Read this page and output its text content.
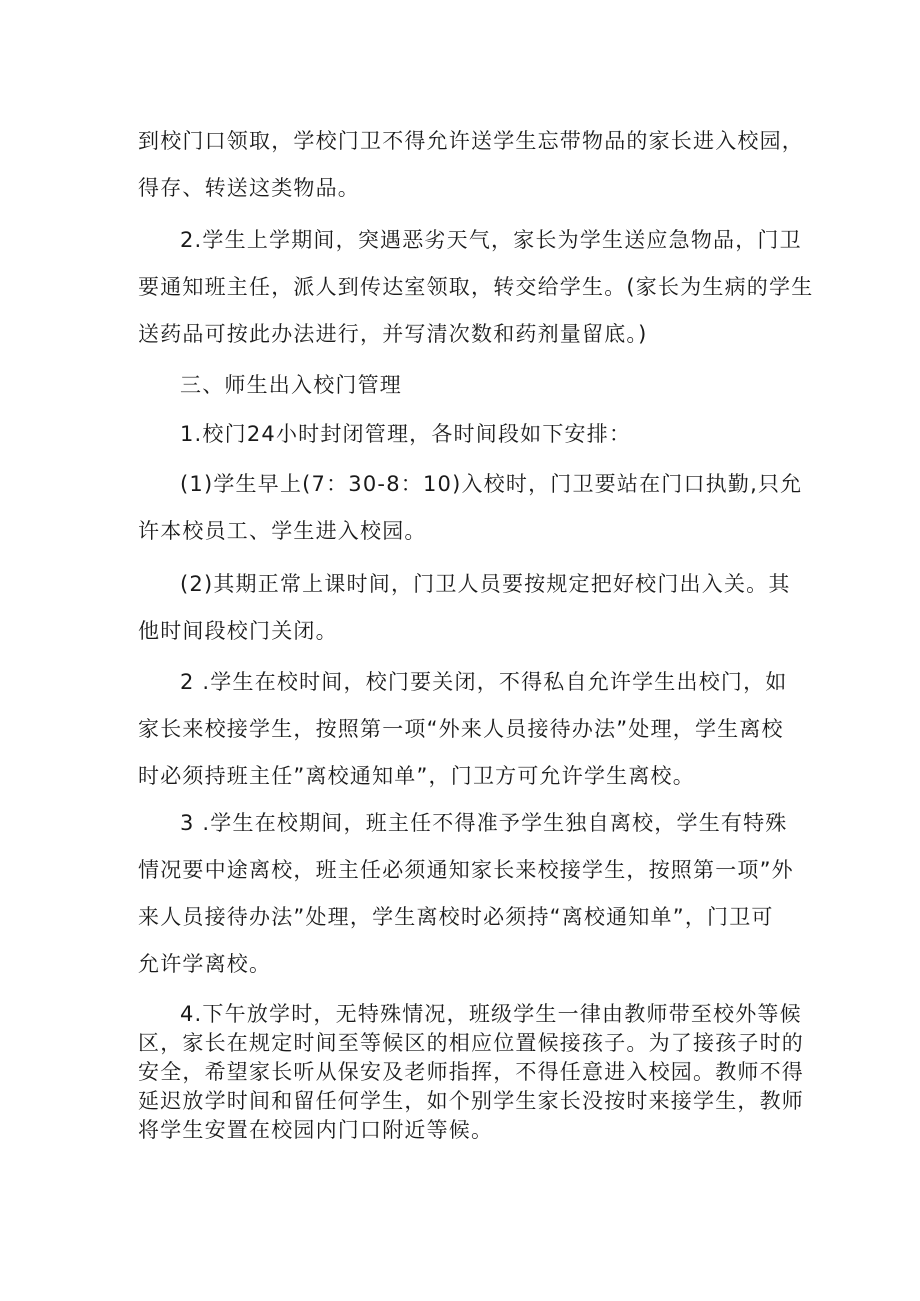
到校门口领取，学校门卫不得允许送学生忘带物品的家长进入校园，
得存、转送这类物品。
2.学生上学期间，突遇恶劣天气，家长为学生送应急物品，门卫
要通知班主任，派人到传达室领取，转交给学生。(家长为生病的学生
送药品可按此办法进行，并写清次数和药剂量留底。)
三、师生出入校门管理
1.校门24小时封闭管理，各时间段如下安排：
(1)学生早上(7：30-8：10)入校时，门卫要站在门口执勤,只允
许本校员工、学生进入校园。
(2)其期正常上课时间，门卫人员要按规定把好校门出入关。其
他时间段校门关闭。
2 .学生在校时间，校门要关闭，不得私自允许学生出校门，如
家长来校接学生，按照第一项“外来人员接待办法”处理，学生离校
时必须持班主任”离校通知单”，门卫方可允许学生离校。
3 .学生在校期间，班主任不得准予学生独自离校，学生有特殊
情况要中途离校，班主任必须通知家长来校接学生，按照第一项”外
来人员接待办法”处理，学生离校时必须持“离校通知单”，门卫可
允许学离校。
4.下午放学时，无特殊情况，班级学生一律由教师带至校外等候
区，家长在规定时间至等候区的相应位置候接孩子。为了接孩子时的
安全，希望家长听从保安及老师指挥，不得任意进入校园。教师不得
延迟放学时间和留任何学生，如个别学生家长没按时来接学生，教师
将学生安置在校园内门口附近等候。
